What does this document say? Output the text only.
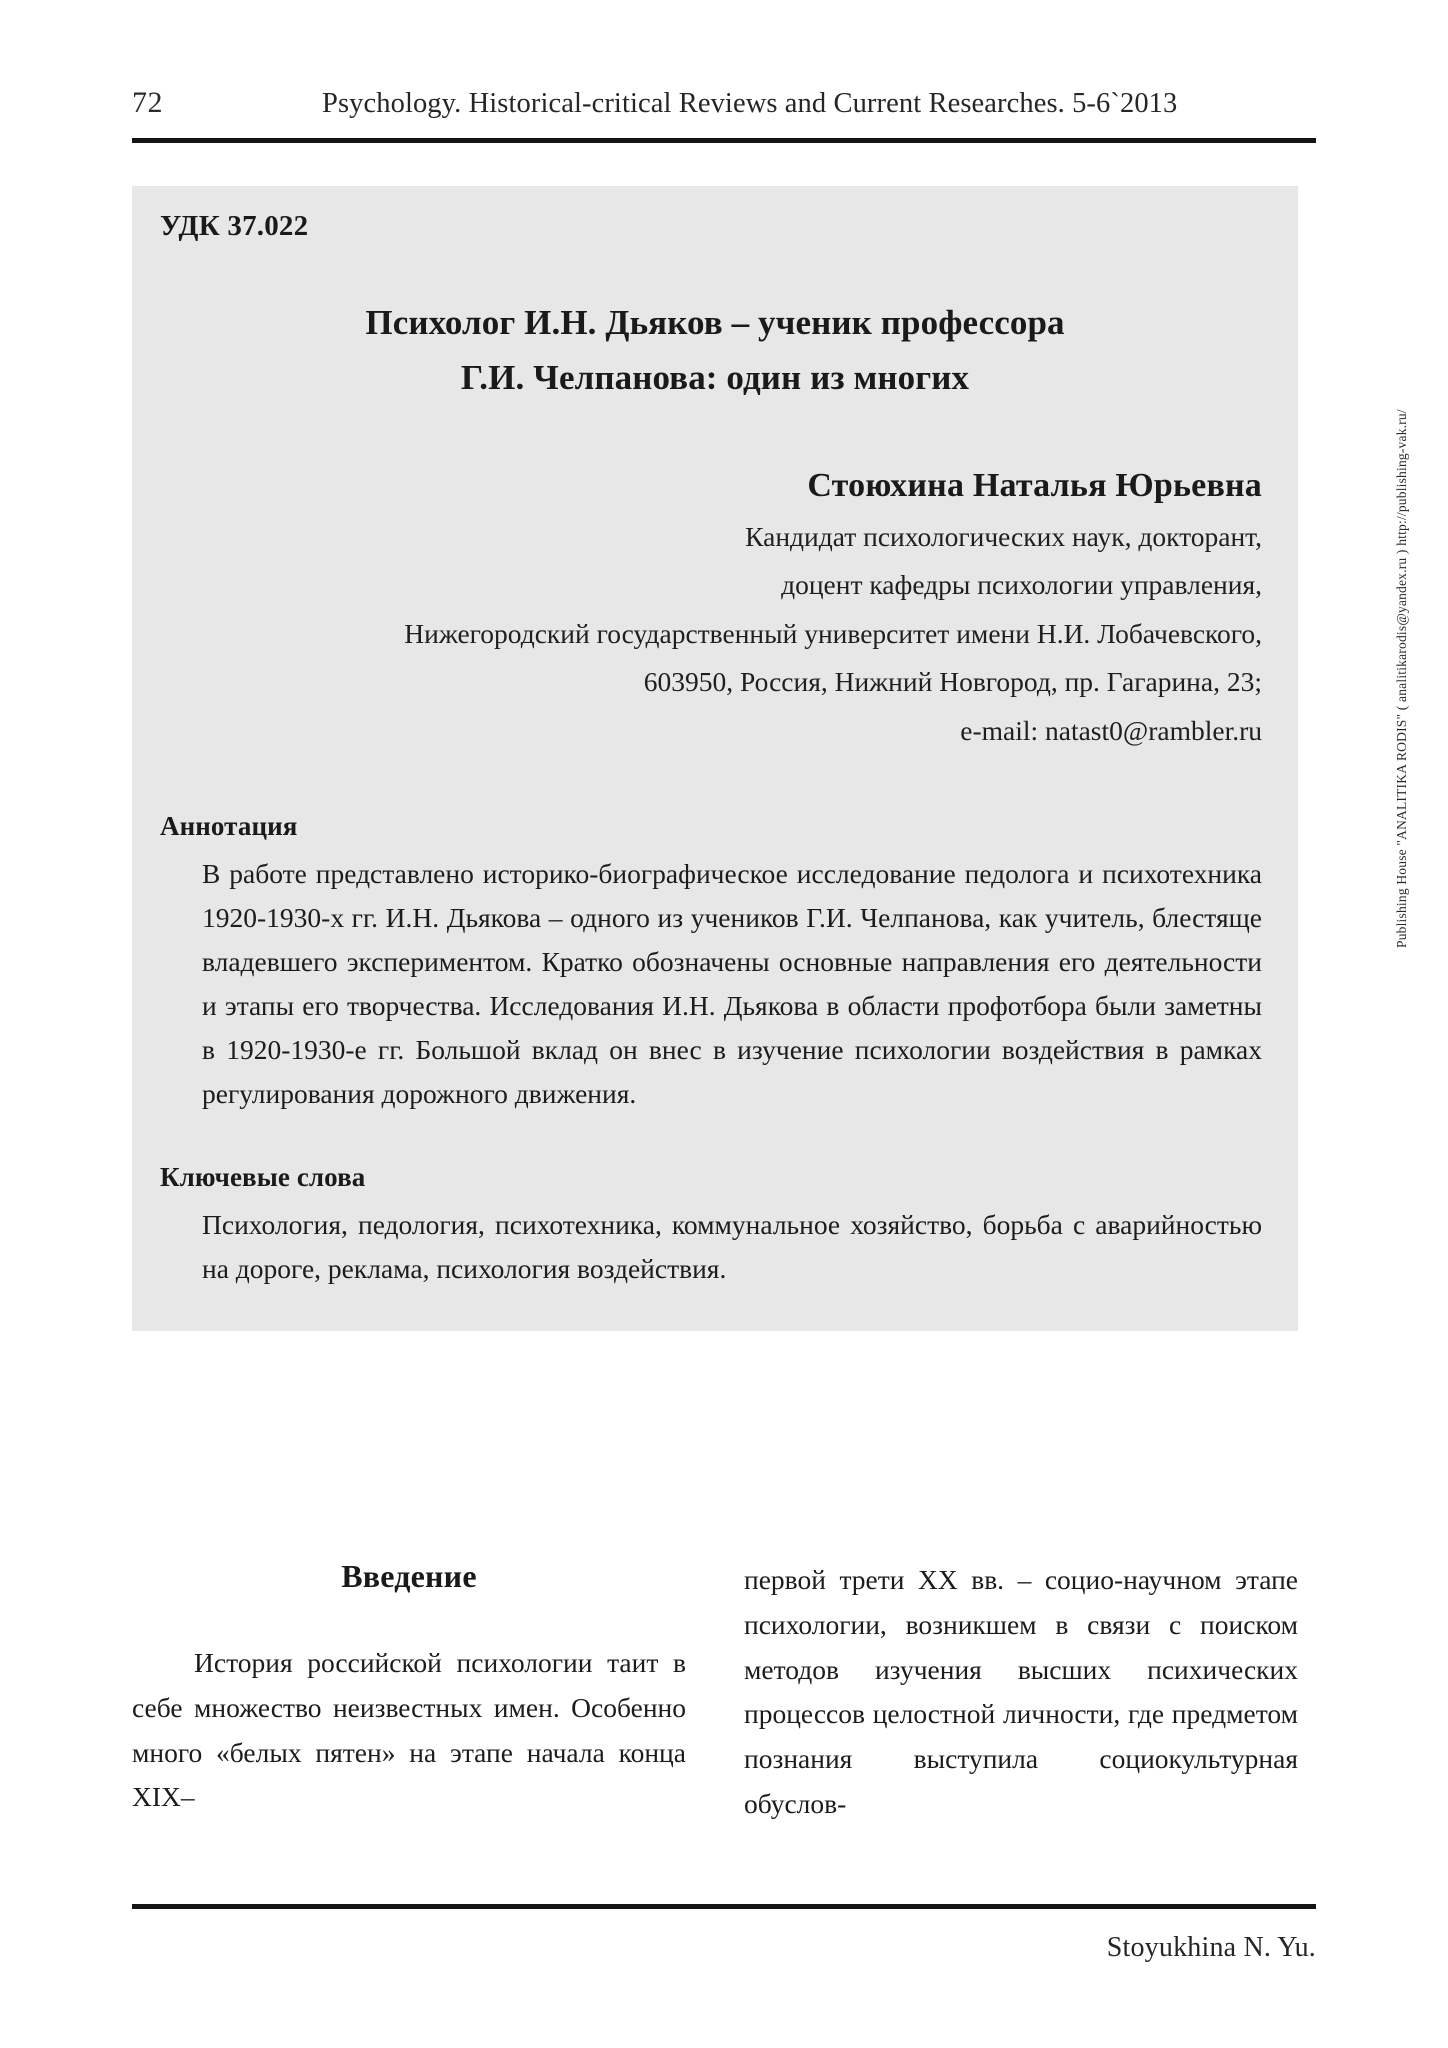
72	Psychology. Historical-critical Reviews and Current Researches. 5-6`2013
Publishing House "ANALITIKA RODIS" ( analitikarodis@yandex.ru ) http://publishing-vak.ru/
УДК 37.022
Психолог И.Н. Дьяков – ученик профессора
Г.И. Челпанова: один из многих
Стоюхина Наталья Юрьевна
Кандидат психологических наук, докторант,
доцент кафедры психологии управления,
Нижегородский государственный университет имени Н.И. Лобачевского,
603950, Россия, Нижний Новгород, пр. Гагарина, 23;
e-mail: natast0@rambler.ru
Аннотация
В работе представлено историко-биографическое исследование педолога и психотехника 1920-1930-х гг. И.Н. Дьякова – одного из учеников Г.И. Челпанова, как учитель, блестяще владевшего экспериментом. Кратко обозначены основные направления его деятельности и этапы его творчества. Исследования И.Н. Дьякова в области профотбора были заметны в 1920-1930-е гг. Большой вклад он внес в изучение психологии воздействия в рамках регулирования дорожного движения.
Ключевые слова
Психология, педология, психотехника, коммунальное хозяйство, борьба с аварийностью на дороге, реклама, психология воздействия.
Введение

История российской психологии таит в себе множество неизвестных имен. Особенно много «белых пятен» на этапе начала конца XIX–

первой трети XX вв. – социо-научном этапе психологии, возникшем в связи с поиском методов изучения высших психических процессов целостной личности, где предметом познания выступила социокультурная обуслов-

Stoyukhina N. Yu.
